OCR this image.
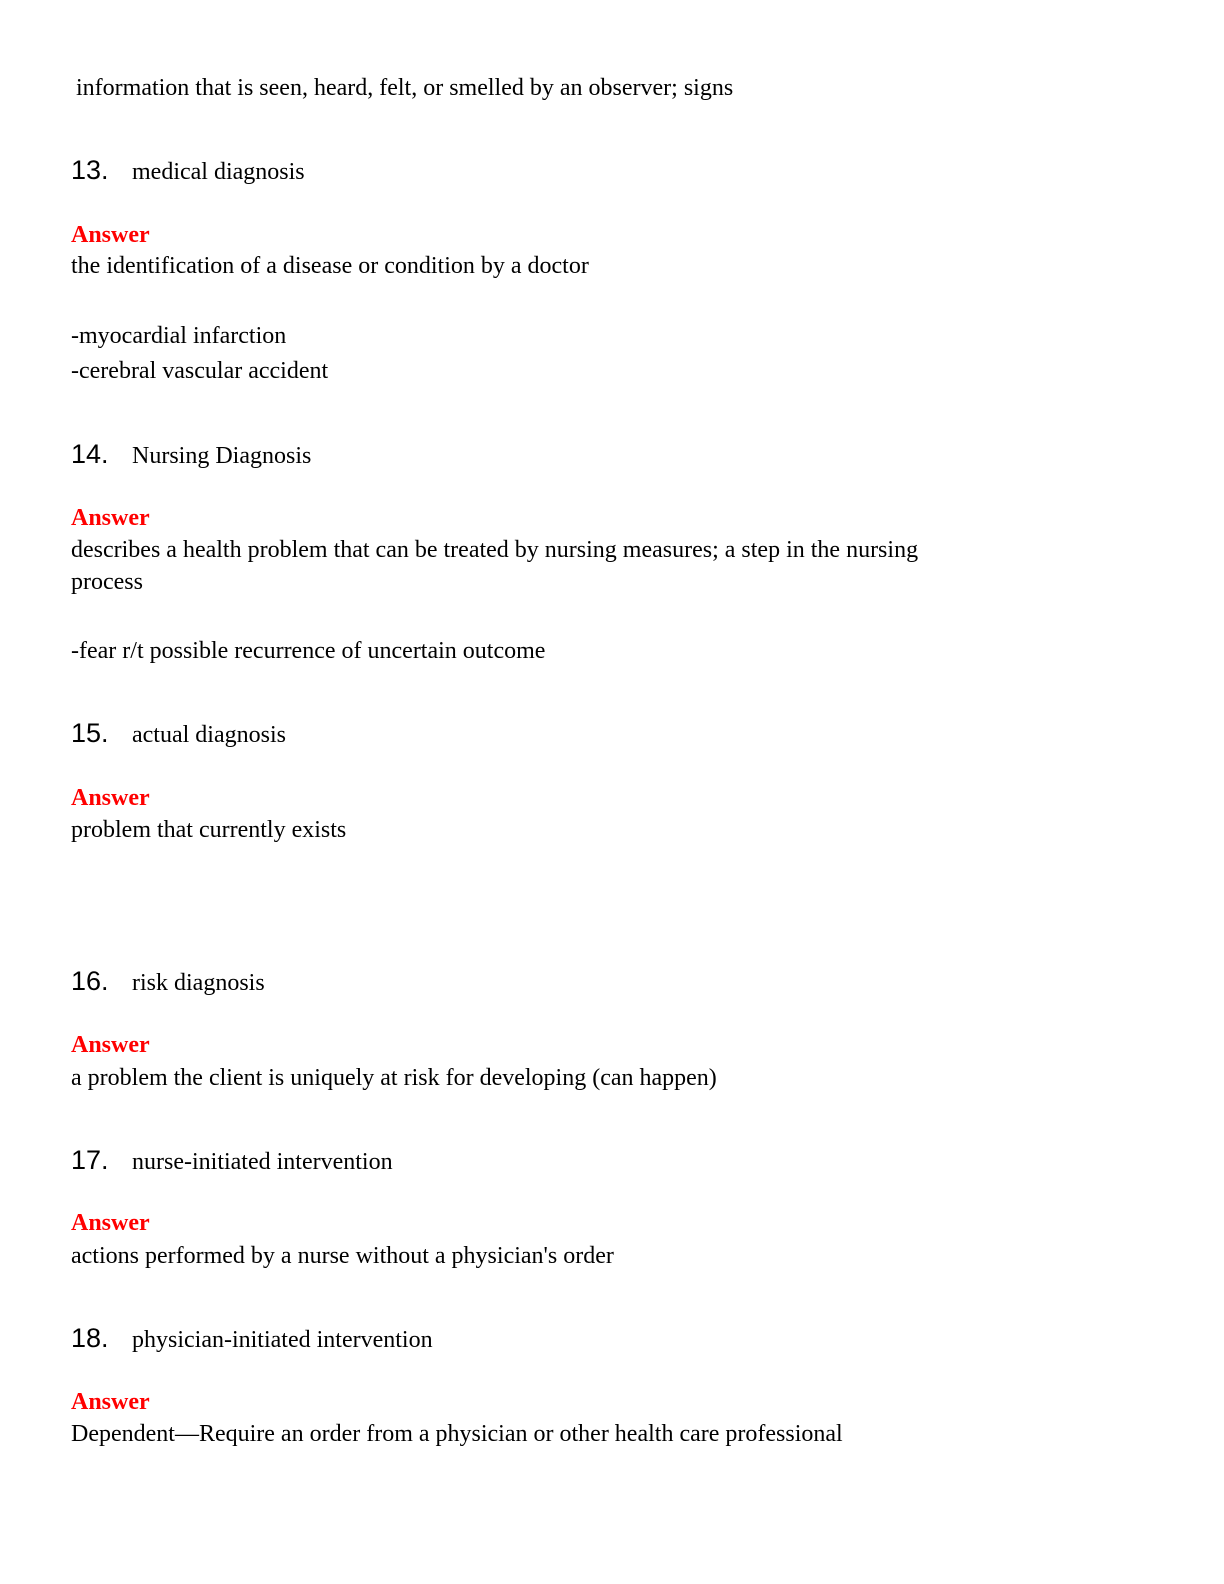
information that is seen, heard, felt, or smelled by an observer; signs
13. medical diagnosis
Answer
the identification of a disease or condition by a doctor
-myocardial infarction
-cerebral vascular accident
14. Nursing Diagnosis
Answer
describes a health problem that can be treated by nursing measures; a step in the nursing
process
-fear r/t possible recurrence of uncertain outcome
15. actual diagnosis
Answer
problem that currently exists
16. risk diagnosis
Answer
a problem the client is uniquely at risk for developing (can happen)
17. nurse-initiated intervention
Answer
actions performed by a nurse without a physician's order
18. physician-initiated intervention
Answer
Dependent—Require an order from a physician or other health care professional
